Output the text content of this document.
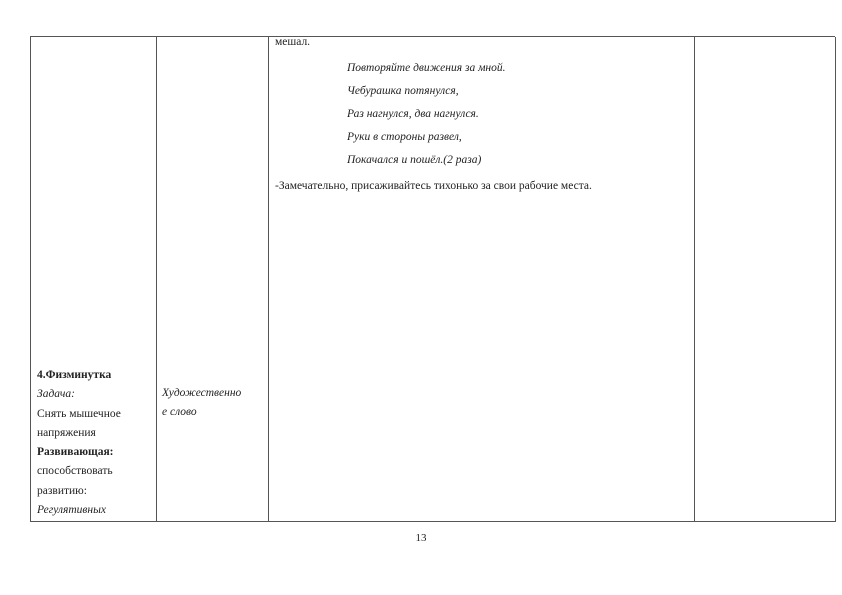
4.Физминутка
Задача:
Снять мышечное
напряжения
Развивающая:
способствовать
развитию:
Регулятивных
Художественно
е слово
мешал.
Повторяйте движения за мной.
Чебурашка потянулся,
Раз нагнулся, два нагнулся.
Руки в стороны развел,
Покачался и пошёл.(2 раза)
-Замечательно, присаживайтесь тихонько за свои рабочие места.
13
